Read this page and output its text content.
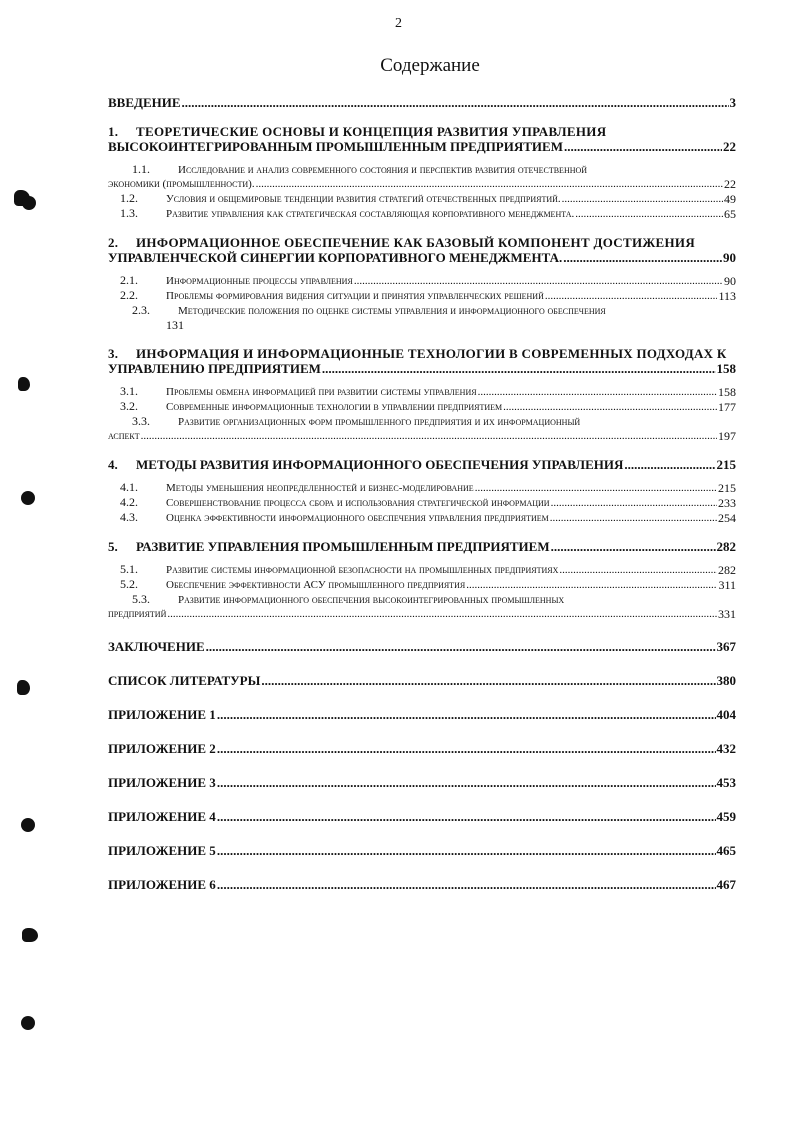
2
Содержание
ВВЕДЕНИЕ .....	3
1. ТЕОРЕТИЧЕСКИЕ ОСНОВЫ И КОНЦЕПЦИЯ РАЗВИТИЯ УПРАВЛЕНИЯ
ВЫСОКОИНТЕГРИРОВАННЫМ ПРОМЫШЛЕННЫМ ПРЕДПРИЯТИЕМ .....	22
1.1.	Исследование и анализ современного состояния и перспектив развития отечественной
экономики (промышленности). .....	22
1.2.	Условия и общемировые тенденции развития стратегий отечественных предприятий. .....	49
1.3.	Развитие управления как стратегическая составляющая корпоративного менеджмента. .....	65
2. ИНФОРМАЦИОННОЕ ОБЕСПЕЧЕНИЕ КАК БАЗОВЫЙ КОМПОНЕНТ ДОСТИЖЕНИЯ
УПРАВЛЕНЧЕСКОЙ СИНЕРГИИ КОРПОРАТИВНОГО МЕНЕДЖМЕНТА. .....	90
2.1.	Информационные процессы управления .....	90
2.2.	Проблемы формирования видения ситуации и принятия управленческих решений .....	113
2.3.	Методические положения по оценке системы управления и информационного обеспечения
131
3. ИНФОРМАЦИЯ И ИНФОРМАЦИОННЫЕ ТЕХНОЛОГИИ В СОВРЕМЕННЫХ ПОДХОДАХ К
УПРАВЛЕНИЮ ПРЕДПРИЯТИЕМ .....	158
3.1.	Проблемы обмена информацией при развитии системы управления .....	158
3.2.	Современные информационные технологии в управлении предприятием .....	177
3.3.	Развитие организационных форм промышленного предприятия и их информационный
аспект .....	197
4. МЕТОДЫ РАЗВИТИЯ ИНФОРМАЦИОННОГО ОБЕСПЕЧЕНИЯ УПРАВЛЕНИЯ .....	215
4.1.	Методы уменьшения неопределенностей и бизнес-моделирование .....	215
4.2.	Совершенствование процесса сбора и использования стратегической информации .....	233
4.3.	Оценка эффективности информационного обеспечения управления предприятием .....	254
5. РАЗВИТИЕ УПРАВЛЕНИЯ ПРОМЫШЛЕННЫМ ПРЕДПРИЯТИЕМ .....	282
5.1.	Развитие системы информационной безопасности на промышленных предприятиях .....	282
5.2.	Обеспечение эффективности АСУ промышленного предприятия .....	311
5.3.	Развитие информационного обеспечения высокоинтегрированных промышленных
предприятий .....	331
ЗАКЛЮЧЕНИЕ .....	367
СПИСОК ЛИТЕРАТУРЫ .....	380
ПРИЛОЖЕНИЕ 1 .....	404
ПРИЛОЖЕНИЕ 2 .....	432
ПРИЛОЖЕНИЕ 3 .....	453
ПРИЛОЖЕНИЕ 4 .....	459
ПРИЛОЖЕНИЕ 5 .....	465
ПРИЛОЖЕНИЕ 6 .....	467
